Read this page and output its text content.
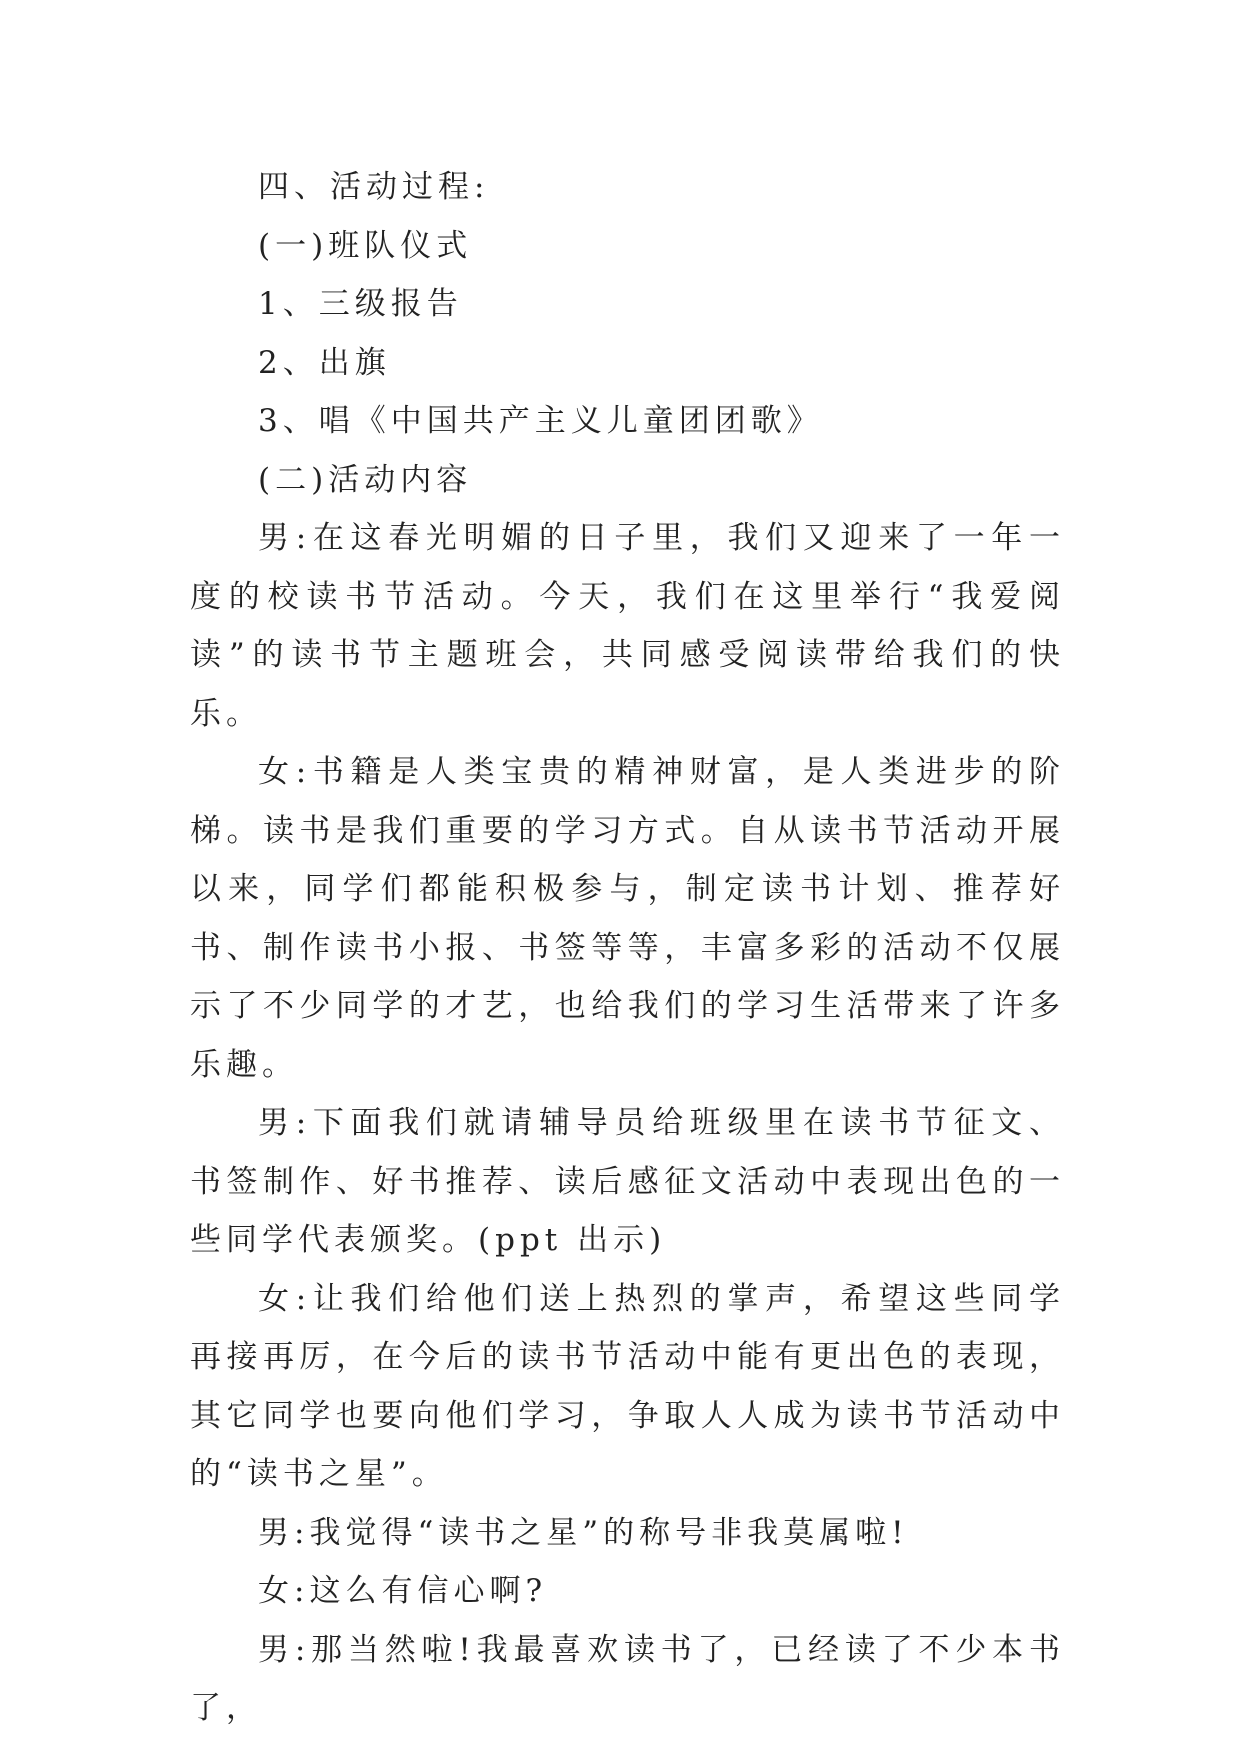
四、活动过程:

(一)班队仪式

1、三级报告

2、出旗

3、唱《中国共产主义儿童团团歌》

(二)活动内容

男:在这春光明媚的日子里，我们又迎来了一年一度的校读书节活动。今天，我们在这里举行“我爱阅读”的读书节主题班会，共同感受阅读带给我们的快乐。

女:书籍是人类宝贵的精神财富，是人类进步的阶梯。读书是我们重要的学习方式。自从读书节活动开展以来，同学们都能积极参与，制定读书计划、推荐好书、制作读书小报、书签等等，丰富多彩的活动不仅展示了不少同学的才艺，也给我们的学习生活带来了许多乐趣。

男:下面我们就请辅导员给班级里在读书节征文、书签制作、好书推荐、读后感征文活动中表现出色的一些同学代表颁奖。(ppt 出示)

女:让我们给他们送上热烈的掌声，希望这些同学再接再厉，在今后的读书节活动中能有更出色的表现，其它同学也要向他们学习，争取人人成为读书节活动中的“读书之星”。

男:我觉得“读书之星”的称号非我莫属啦!

女:这么有信心啊?

男:那当然啦!我最喜欢读书了，已经读了不少本书了，
